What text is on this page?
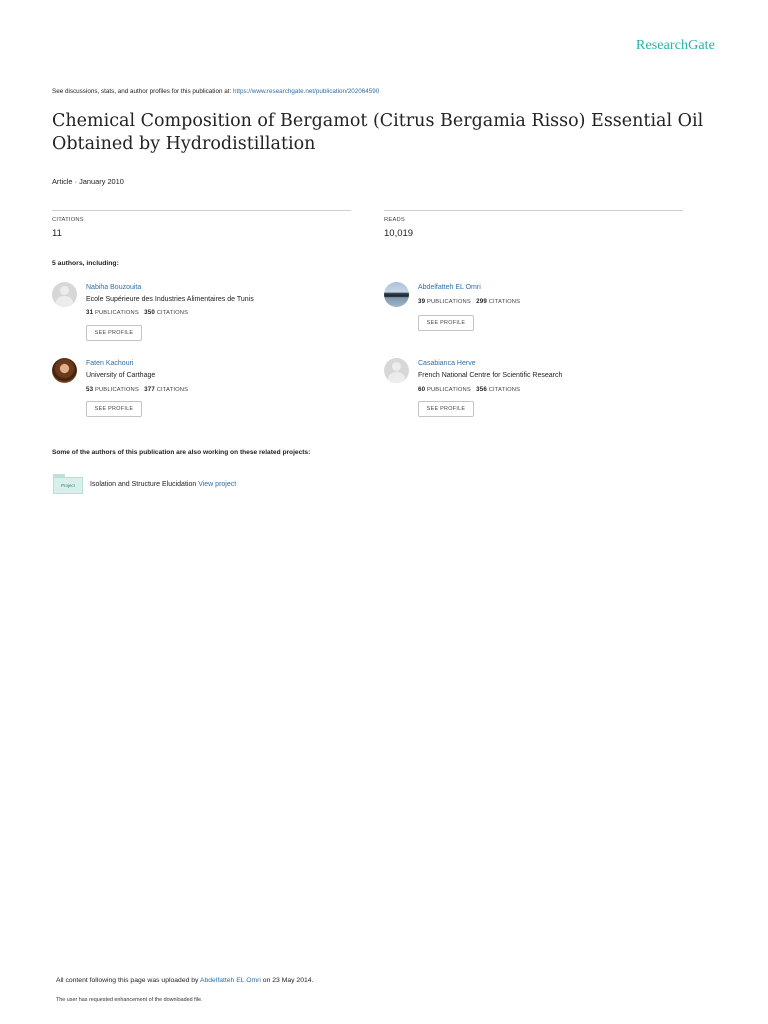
ResearchGate
See discussions, stats, and author profiles for this publication at: https://www.researchgate.net/publication/202064590
Chemical Composition of Bergamot (Citrus Bergamia Risso) Essential Oil Obtained by Hydrodistillation
Article · January 2010
CITATIONS
11
READS
10,019
5 authors, including:
Nabiha Bouzouita
Ecole Supérieure des Industries Alimentaires de Tunis
31 PUBLICATIONS 350 CITATIONS
SEE PROFILE
Abdelfatteh EL Omri
39 PUBLICATIONS 299 CITATIONS
SEE PROFILE
Faten Kachouri
University of Carthage
53 PUBLICATIONS 377 CITATIONS
SEE PROFILE
Casabianca Herve
French National Centre for Scientific Research
60 PUBLICATIONS 356 CITATIONS
SEE PROFILE
Some of the authors of this publication are also working on these related projects:
Project	Isolation and Structure Elucidation View project
All content following this page was uploaded by Abdelfatteh EL Omri on 23 May 2014.
The user has requested enhancement of the downloaded file.
